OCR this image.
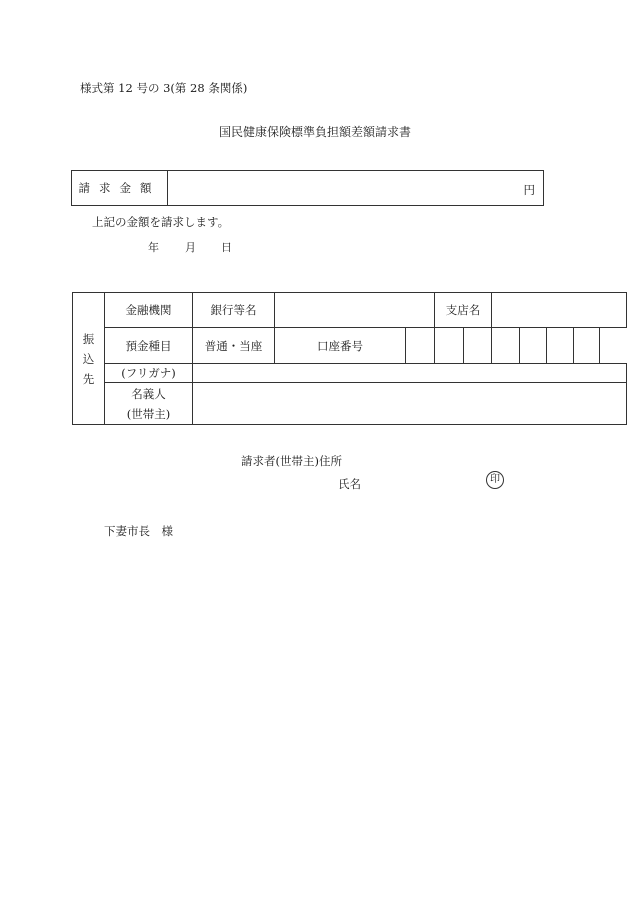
様式第 12 号の 3(第 28 条関係)
国民健康保険標準負担額差額請求書
請求金額	円
上記の金額を請求します。
年 月 日
振
込
先	金融機関	銀行等名			支店名					
	預金種目	普通・当座	口座番号							
	(フリガナ)									
	名義人
(世帯主)									
請求者(世帯主)住所
氏名	印
下妻市長　様
